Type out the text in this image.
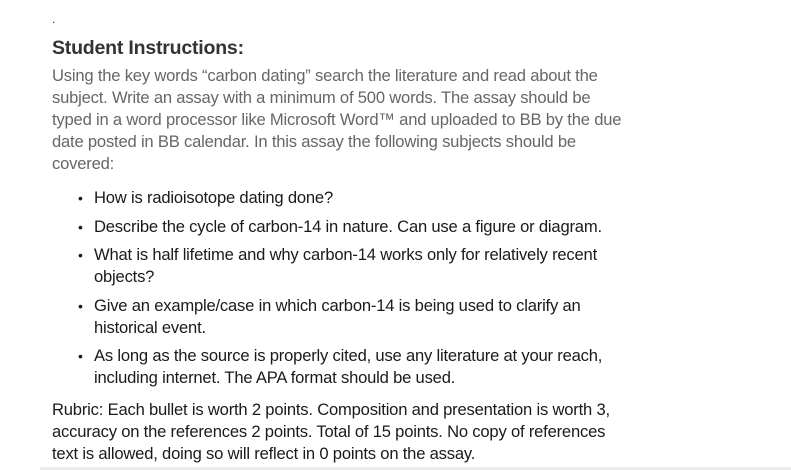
.
Student Instructions:

Using the key words “carbon dating” search the literature and read about the subject. Write an assay with a minimum of 500 words. The assay should be typed in a word processor like Microsoft Word™ and uploaded to BB by the due date posted in BB calendar. In this assay the following subjects should be covered:

• How is radioisotope dating done?
• Describe the cycle of carbon-14 in nature. Can use a figure or diagram.
• What is half lifetime and why carbon-14 works only for relatively recent objects?
• Give an example/case in which carbon-14 is being used to clarify an historical event.
• As long as the source is properly cited, use any literature at your reach, including internet. The APA format should be used.

Rubric: Each bullet is worth 2 points. Composition and presentation is worth 3, accuracy on the references 2 points. Total of 15 points. No copy of references text is allowed, doing so will reflect in 0 points on the assay.
